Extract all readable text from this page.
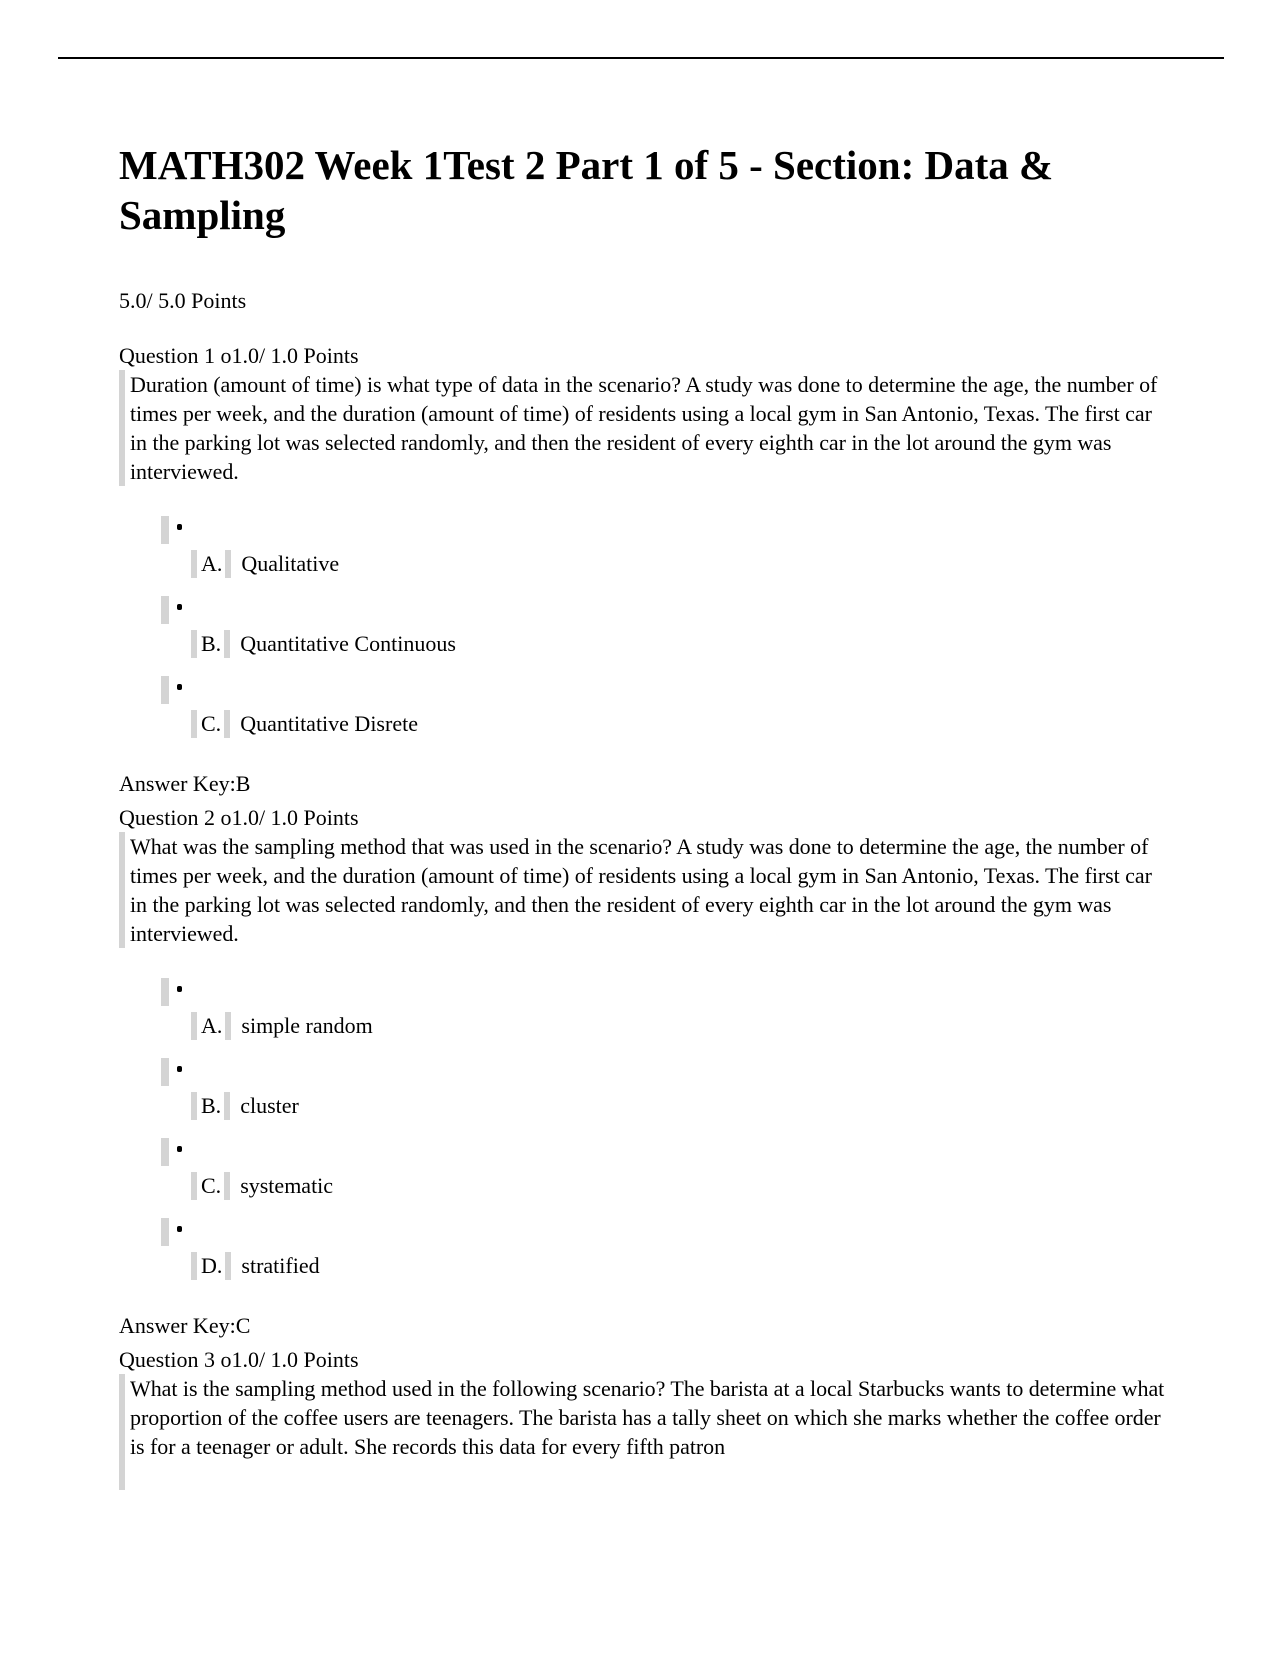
MATH302 Week 1Test 2 Part 1 of 5 - Section: Data & Sampling
5.0/ 5.0 Points
Question 1 o1.0/ 1.0 Points
Duration (amount of time) is what type of data in the scenario? A study was done to determine the age, the number of times per week, and the duration (amount of time) of residents using a local gym in San Antonio, Texas. The first car in the parking lot was selected randomly, and then the resident of every eighth car in the lot around the gym was interviewed.
A. Qualitative
B. Quantitative Continuous
C. Quantitative Disrete
Answer Key:B
Question 2 o1.0/ 1.0 Points
What was the sampling method that was used in the scenario? A study was done to determine the age, the number of times per week, and the duration (amount of time) of residents using a local gym in San Antonio, Texas. The first car in the parking lot was selected randomly, and then the resident of every eighth car in the lot around the gym was interviewed.
A. simple random
B. cluster
C. systematic
D. stratified
Answer Key:C
Question 3 o1.0/ 1.0 Points
What is the sampling method used in the following scenario? The barista at a local Starbucks wants to determine what proportion of the coffee users are teenagers. The barista has a tally sheet on which she marks whether the coffee order is for a teenager or adult. She records this data for every fifth patron
